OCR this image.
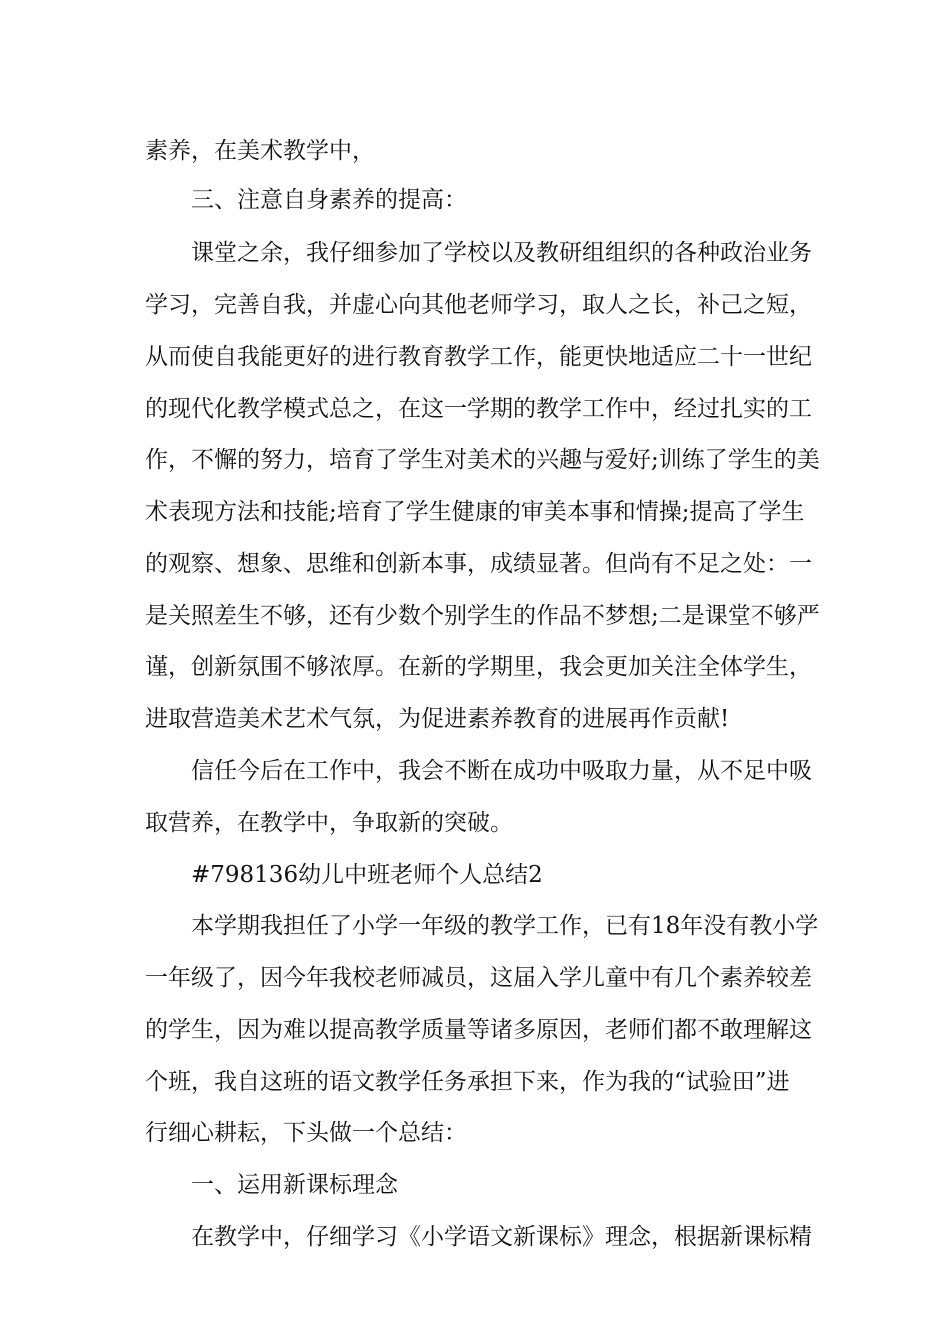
素养，在美术教学中，

三、注意自身素养的提高：

课堂之余，我仔细参加了学校以及教研组组织的各种政治业务

学习，完善自我，并虚心向其他老师学习，取人之长，补己之短，

从而使自我能更好的进行教育教学工作，能更快地适应二十一世纪

的现代化教学模式总之，在这一学期的教学工作中，经过扎实的工

作，不懈的努力，培育了学生对美术的兴趣与爱好;训练了学生的美

术表现方法和技能;培育了学生健康的审美本事和情操;提高了学生

的观察、想象、思维和创新本事，成绩显著。但尚有不足之处：一

是关照差生不够，还有少数个别学生的作品不梦想;二是课堂不够严

谨，创新氛围不够浓厚。在新的学期里，我会更加关注全体学生，

进取营造美术艺术气氛，为促进素养教育的进展再作贡献!

信任今后在工作中，我会不断在成功中吸取力量，从不足中吸

取营养，在教学中，争取新的突破。

#798136幼儿中班老师个人总结2

本学期我担任了小学一年级的教学工作，已有18年没有教小学

一年级了，因今年我校老师减员，这届入学儿童中有几个素养较差

的学生，因为难以提高教学质量等诸多原因，老师们都不敢理解这

个班，我自这班的语文教学任务承担下来，作为我的“试验田”进

行细心耕耘，下头做一个总结：

一、运用新课标理念

在教学中，仔细学习《小学语文新课标》理念，根据新课标精
